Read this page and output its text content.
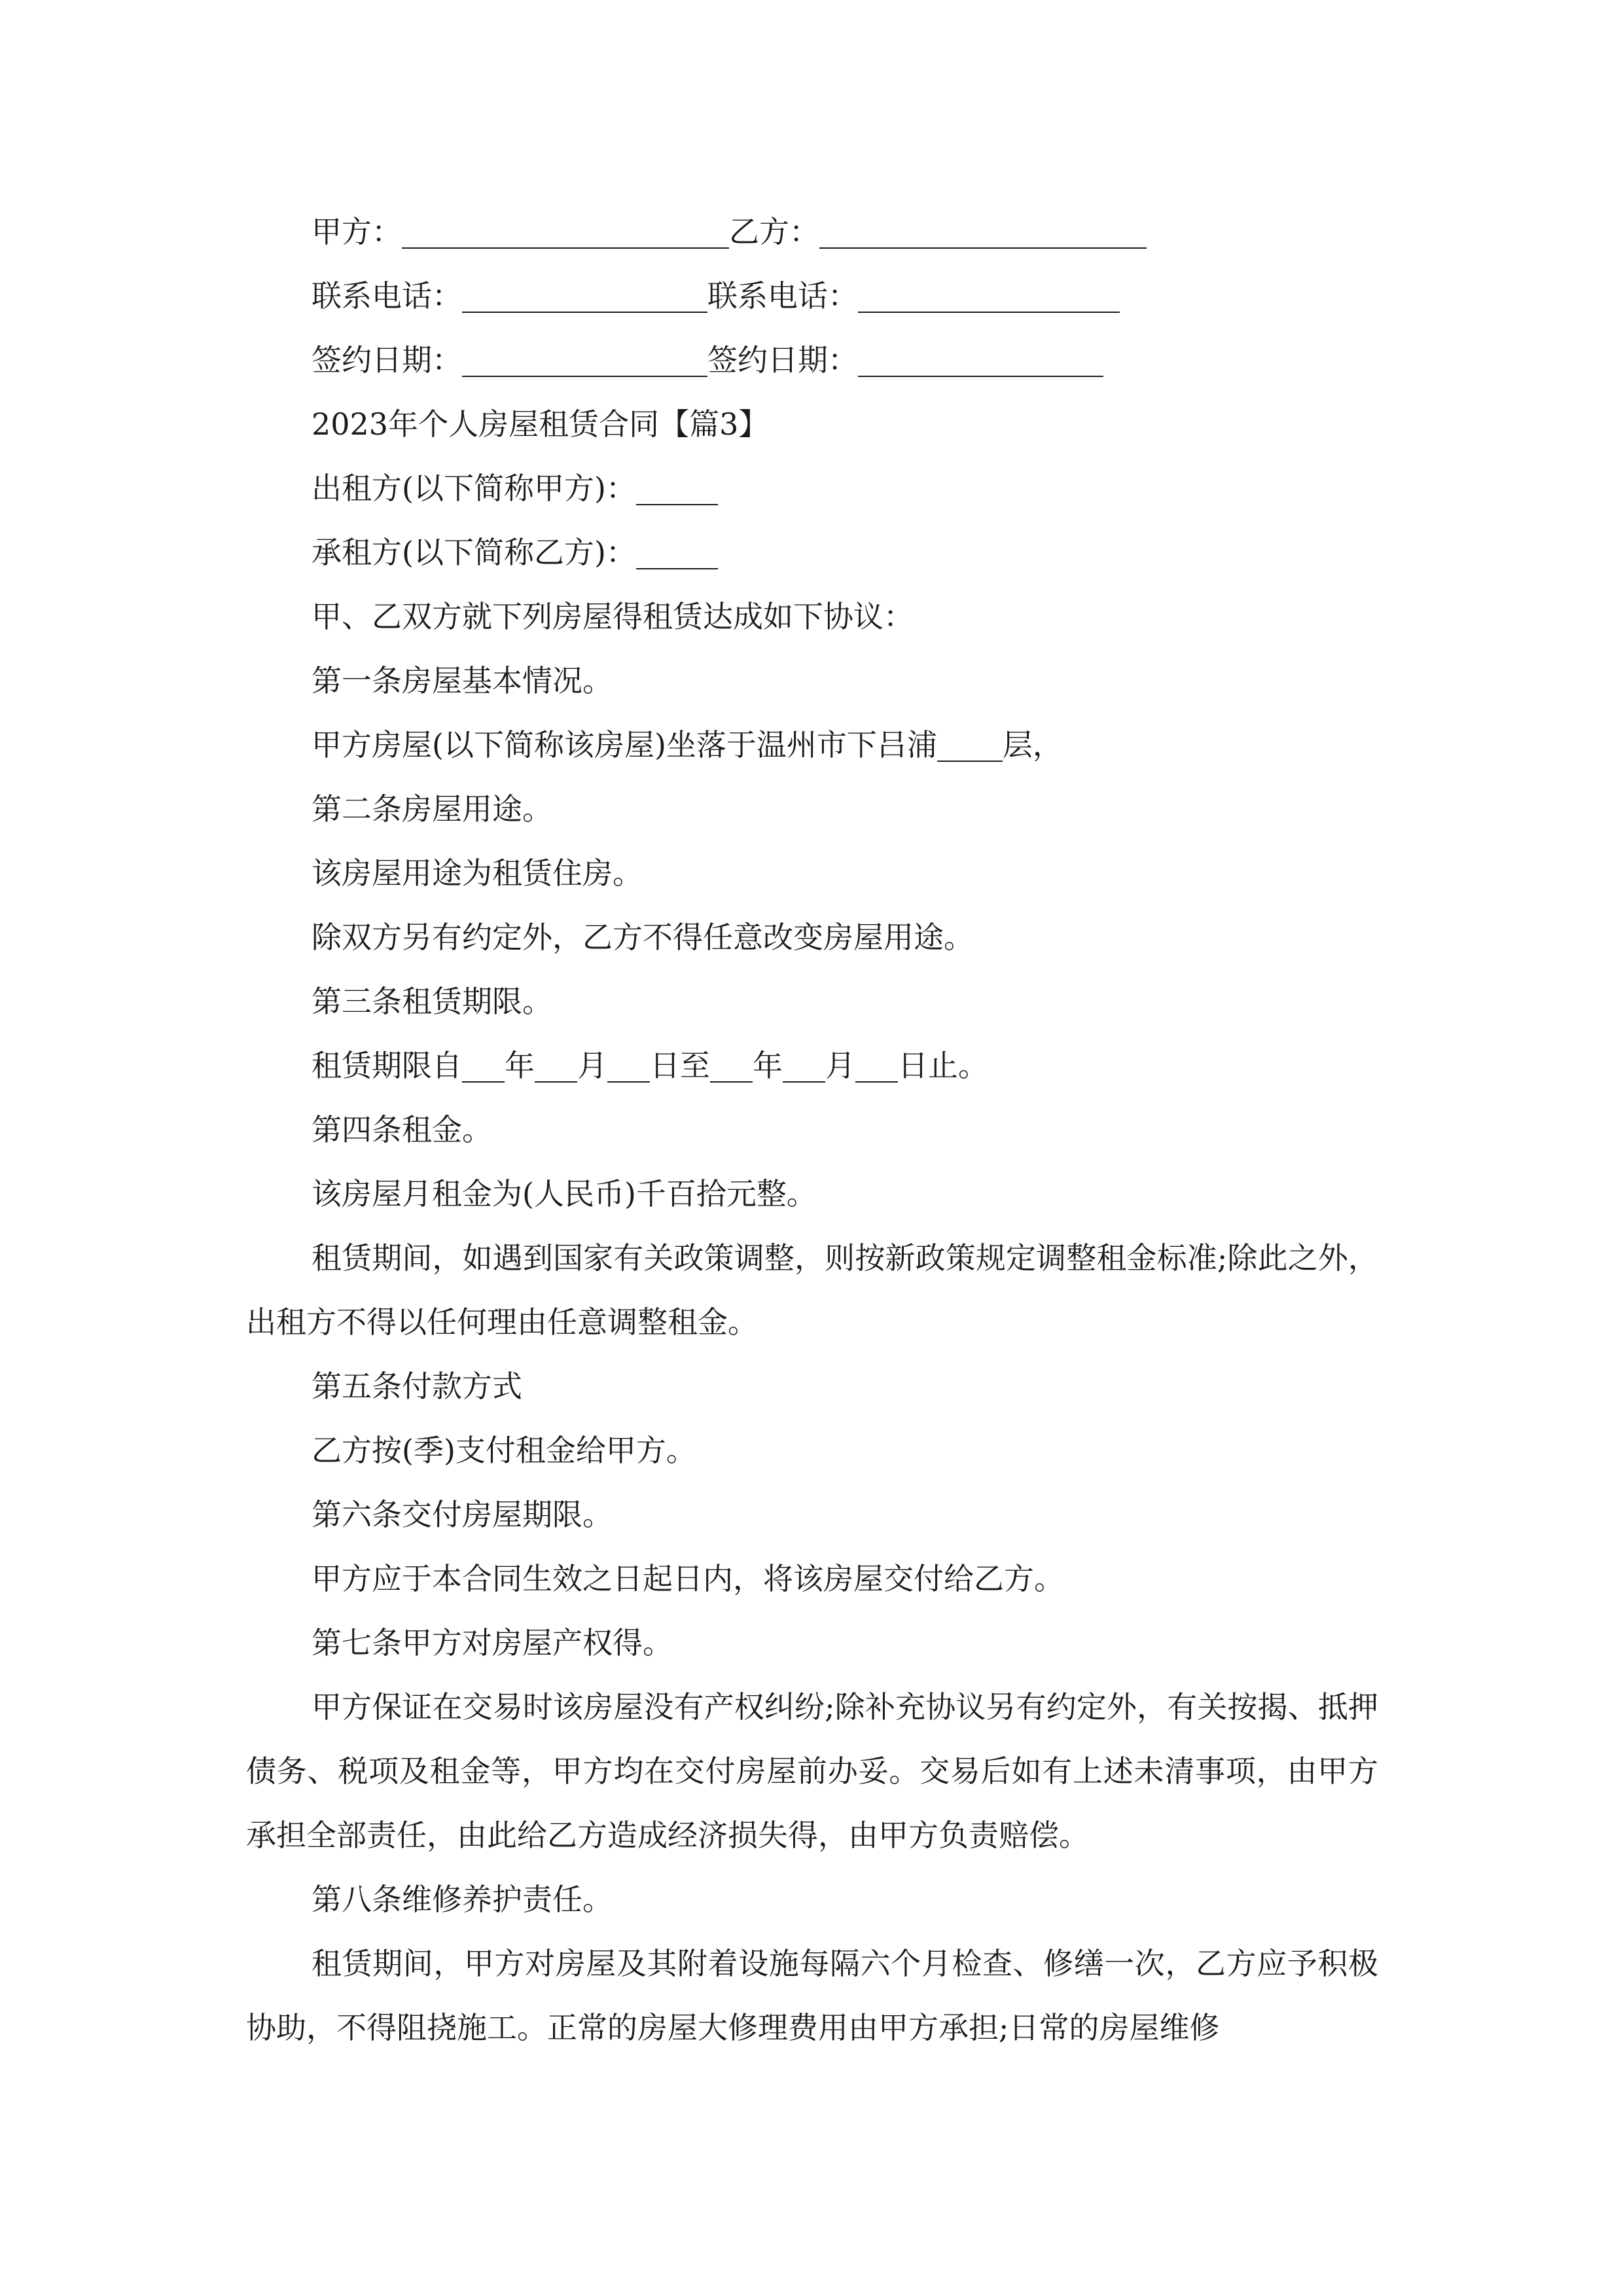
甲方：	乙方：
联系电话：	联系电话：
签约日期：	签约日期：
2023年个人房屋租赁合同【篇3】
出租方(以下简称甲方)：
承租方(以下简称乙方)：
甲、乙双方就下列房屋得租赁达成如下协议：
第一条房屋基本情况。
甲方房屋(以下简称该房屋)坐落于温州市下吕浦 层，
第二条房屋用途。
该房屋用途为租赁住房。
除双方另有约定外，乙方不得任意改变房屋用途。
第三条租赁期限。
租赁期限自 年 月 日至 年 月 日止。
第四条租金。
该房屋月租金为(人民币)千百拾元整。

租赁期间，如遇到国家有关政策调整，则按新政策规定调整租金标准;除此之外，出租方不得以任何理由任意调整租金。

第五条付款方式
乙方按(季)支付租金给甲方。
第六条交付房屋期限。
甲方应于本合同生效之日起日内，将该房屋交付给乙方。
第七条甲方对房屋产权得。

甲方保证在交易时该房屋没有产权纠纷;除补充协议另有约定外，有关按揭、抵押债务、税项及租金等，甲方均在交付房屋前办妥。交易后如有上述未清事项，由甲方承担全部责任，由此给乙方造成经济损失得，由甲方负责赔偿。

第八条维修养护责任。

租赁期间，甲方对房屋及其附着设施每隔六个月检查、修缮一次，乙方应予积极协助，不得阻挠施工。正常的房屋大修理费用由甲方承担;日常的房屋维修
